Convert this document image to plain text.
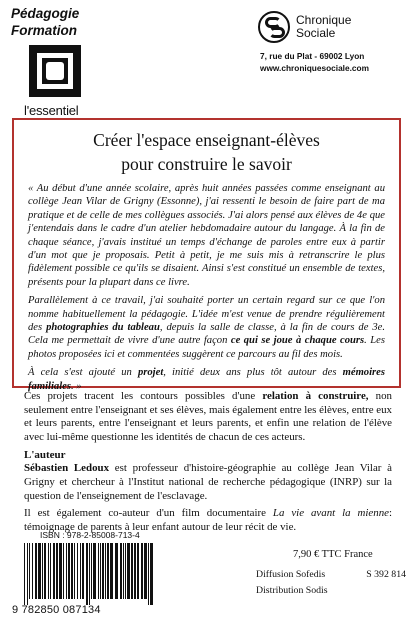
Pédagogie
Formation
l'essentiel
Chronique
Sociale
7, rue du Plat - 69002 Lyon
www.chroniquesociale.com
Créer l'espace enseignant-élèves
pour construire le savoir

« Au début d'une année scolaire, après huit années passées comme enseignant au collège Jean Vilar de Grigny (Essonne), j'ai ressenti le besoin de faire part de ma pratique et de celle de mes collègues associés. J'ai alors pensé aux élèves de 4e que j'entendais dans le cadre d'un atelier hebdomadaire autour du langage. À la fin de chaque séance, j'avais institué un temps d'échange de paroles entre eux à partir d'un mot que je proposais. Petit à petit, je me suis mis à retranscrire le plus fidèlement possible ce qu'ils se disaient. Ainsi s'est constitué un ensemble de textes, présents pour la plupart dans ce livre.

Parallèlement à ce travail, j'ai souhaité porter un certain regard sur ce que l'on nomme habituellement la pédagogie. L'idée m'est venue de prendre régulièrement des photographies du tableau, depuis la salle de classe, à la fin de cours de 3e. Cela me permettait de vivre d'une autre façon ce qui se joue à chaque cours. Les photos proposées ici et commentées suggèrent ce parcours au fil des mois.

À cela s'est ajouté un projet, initié deux ans plus tôt autour des mémoires familiales. »

Ces projets tracent les contours possibles d'une relation à construire, non seulement entre l'enseignant et ses élèves, mais également entre les élèves, entre eux et leurs parents, entre l'enseignant et leurs parents, et enfin une relation de l'élève avec lui-même questionne les identités de chacun de ces acteurs.

L'auteur

Sébastien Ledoux est professeur d'histoire-géographie au collège Jean Vilar à Grigny et chercheur à l'Institut national de recherche pédagogique (INRP) sur la question de l'enseignement de l'esclavage.

Il est également co-auteur d'un film documentaire La vie avant la mienne: témoignage de parents à leur enfant autour de leur récit de vie.

ISBN : 978-2-85008-713-4
9 782850 087134
7,90 € TTC France
Diffusion Sofedis	S 392 814
Distribution Sodis
